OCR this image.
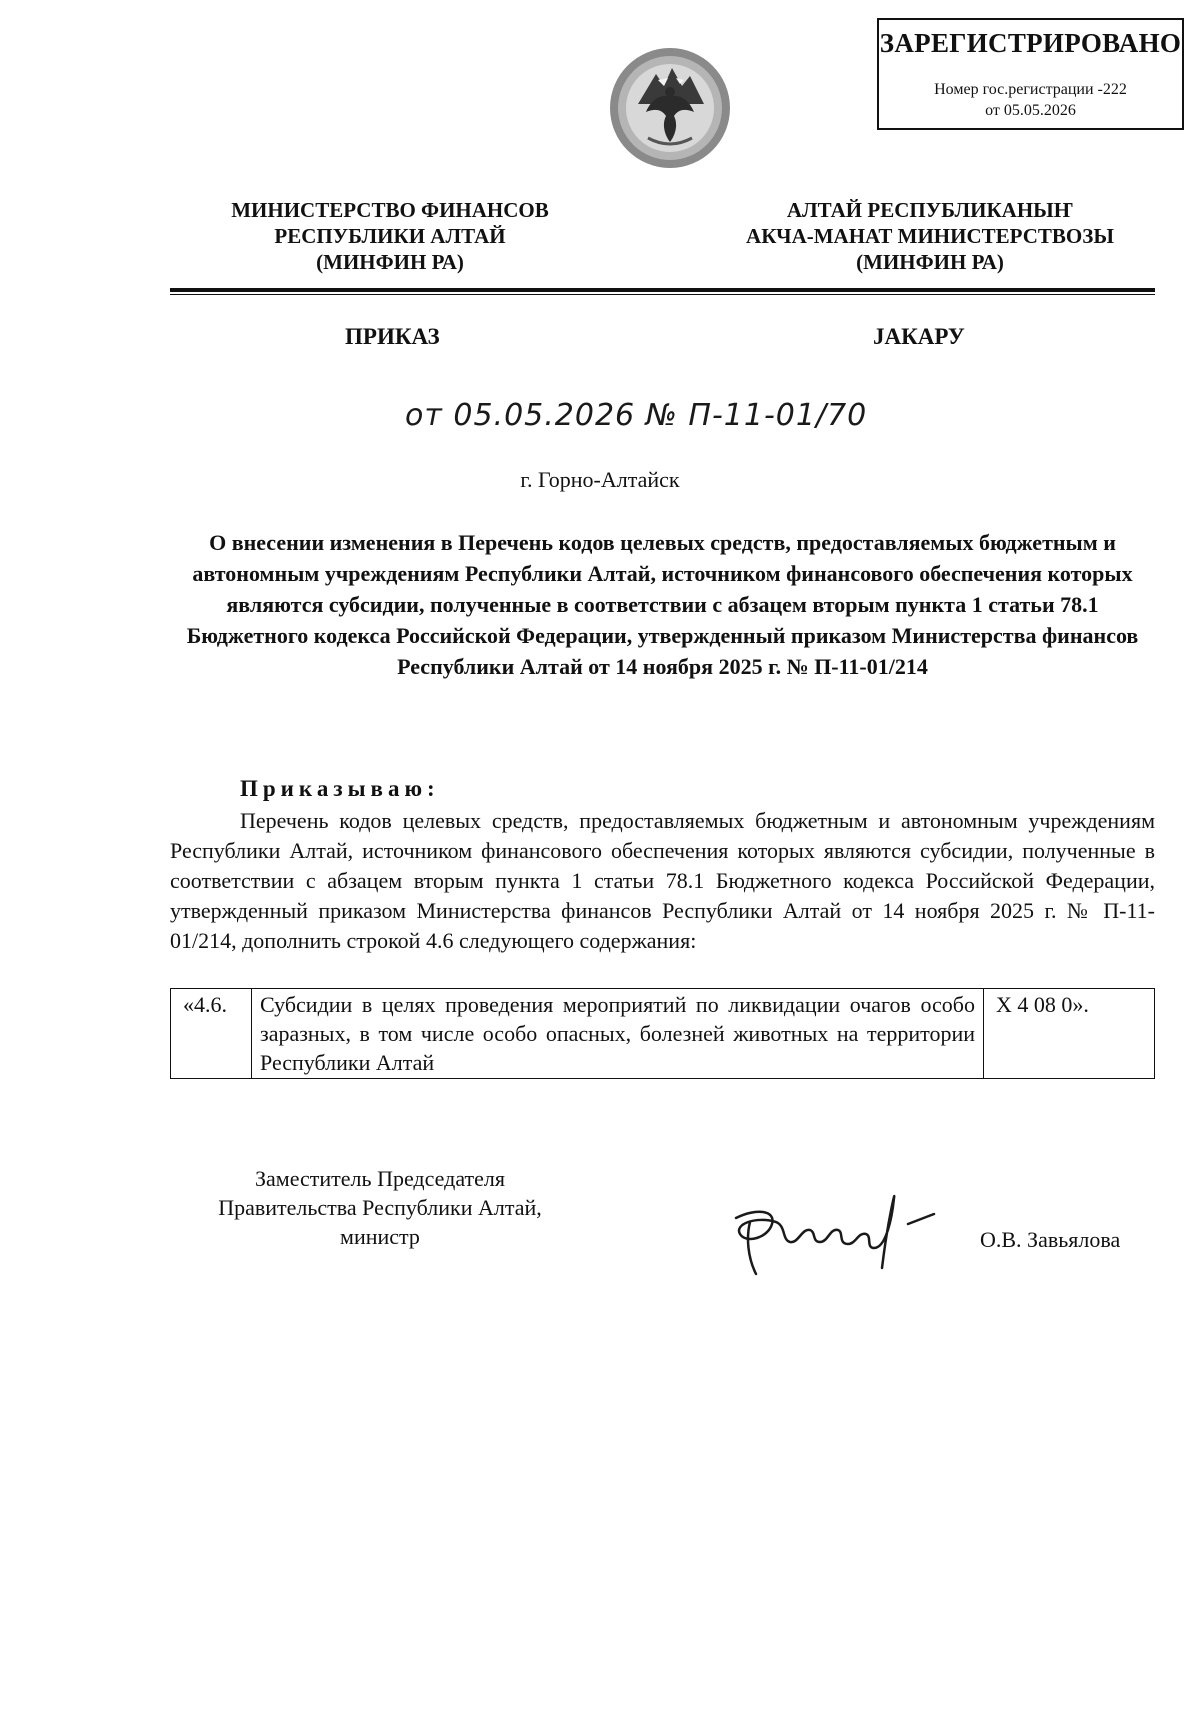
ЗАРЕГИСТРИРОВАНО
Номер гос.регистрации -222
от 05.05.2026
МИНИСТЕРСТВО ФИНАНСОВ
РЕСПУБЛИКИ АЛТАЙ
(МИНФИН РА)
АЛТАЙ РЕСПУБЛИКАНЫҤ
АКЧА-МАНАТ МИНИСТЕРСТВОЗЫ
(МИНФИН РА)
ПРИКАЗ	ЈАКАРУ
от 05.05.2026 № П-11-01/70
г. Горно-Алтайск
О внесении изменения в Перечень кодов целевых средств, предоставляемых бюджетным и автономным учреждениям Республики Алтай, источником финансового обеспечения которых являются субсидии, полученные в соответствии с абзацем вторым пункта 1 статьи 78.1 Бюджетного кодекса Российской Федерации, утвержденный приказом Министерства финансов Республики Алтай от 14 ноября 2025 г. № П-11-01/214
Приказываю:
Перечень кодов целевых средств, предоставляемых бюджетным и автономным учреждениям Республики Алтай, источником финансового обеспечения которых являются субсидии, полученные в соответствии с абзацем вторым пункта 1 статьи 78.1 Бюджетного кодекса Российской Федерации, утвержденный приказом Министерства финансов Республики Алтай от 14 ноября 2025 г. № П-11-01/214, дополнить строкой 4.6 следующего содержания:
«4.6.	Субсидии в целях проведения мероприятий по ликвидации очагов особо заразных, в том числе особо опасных, болезней животных на территории Республики Алтай	Х 4 08 0».
Заместитель Председателя
Правительства Республики Алтай,
министр	О.В. Завьялова
